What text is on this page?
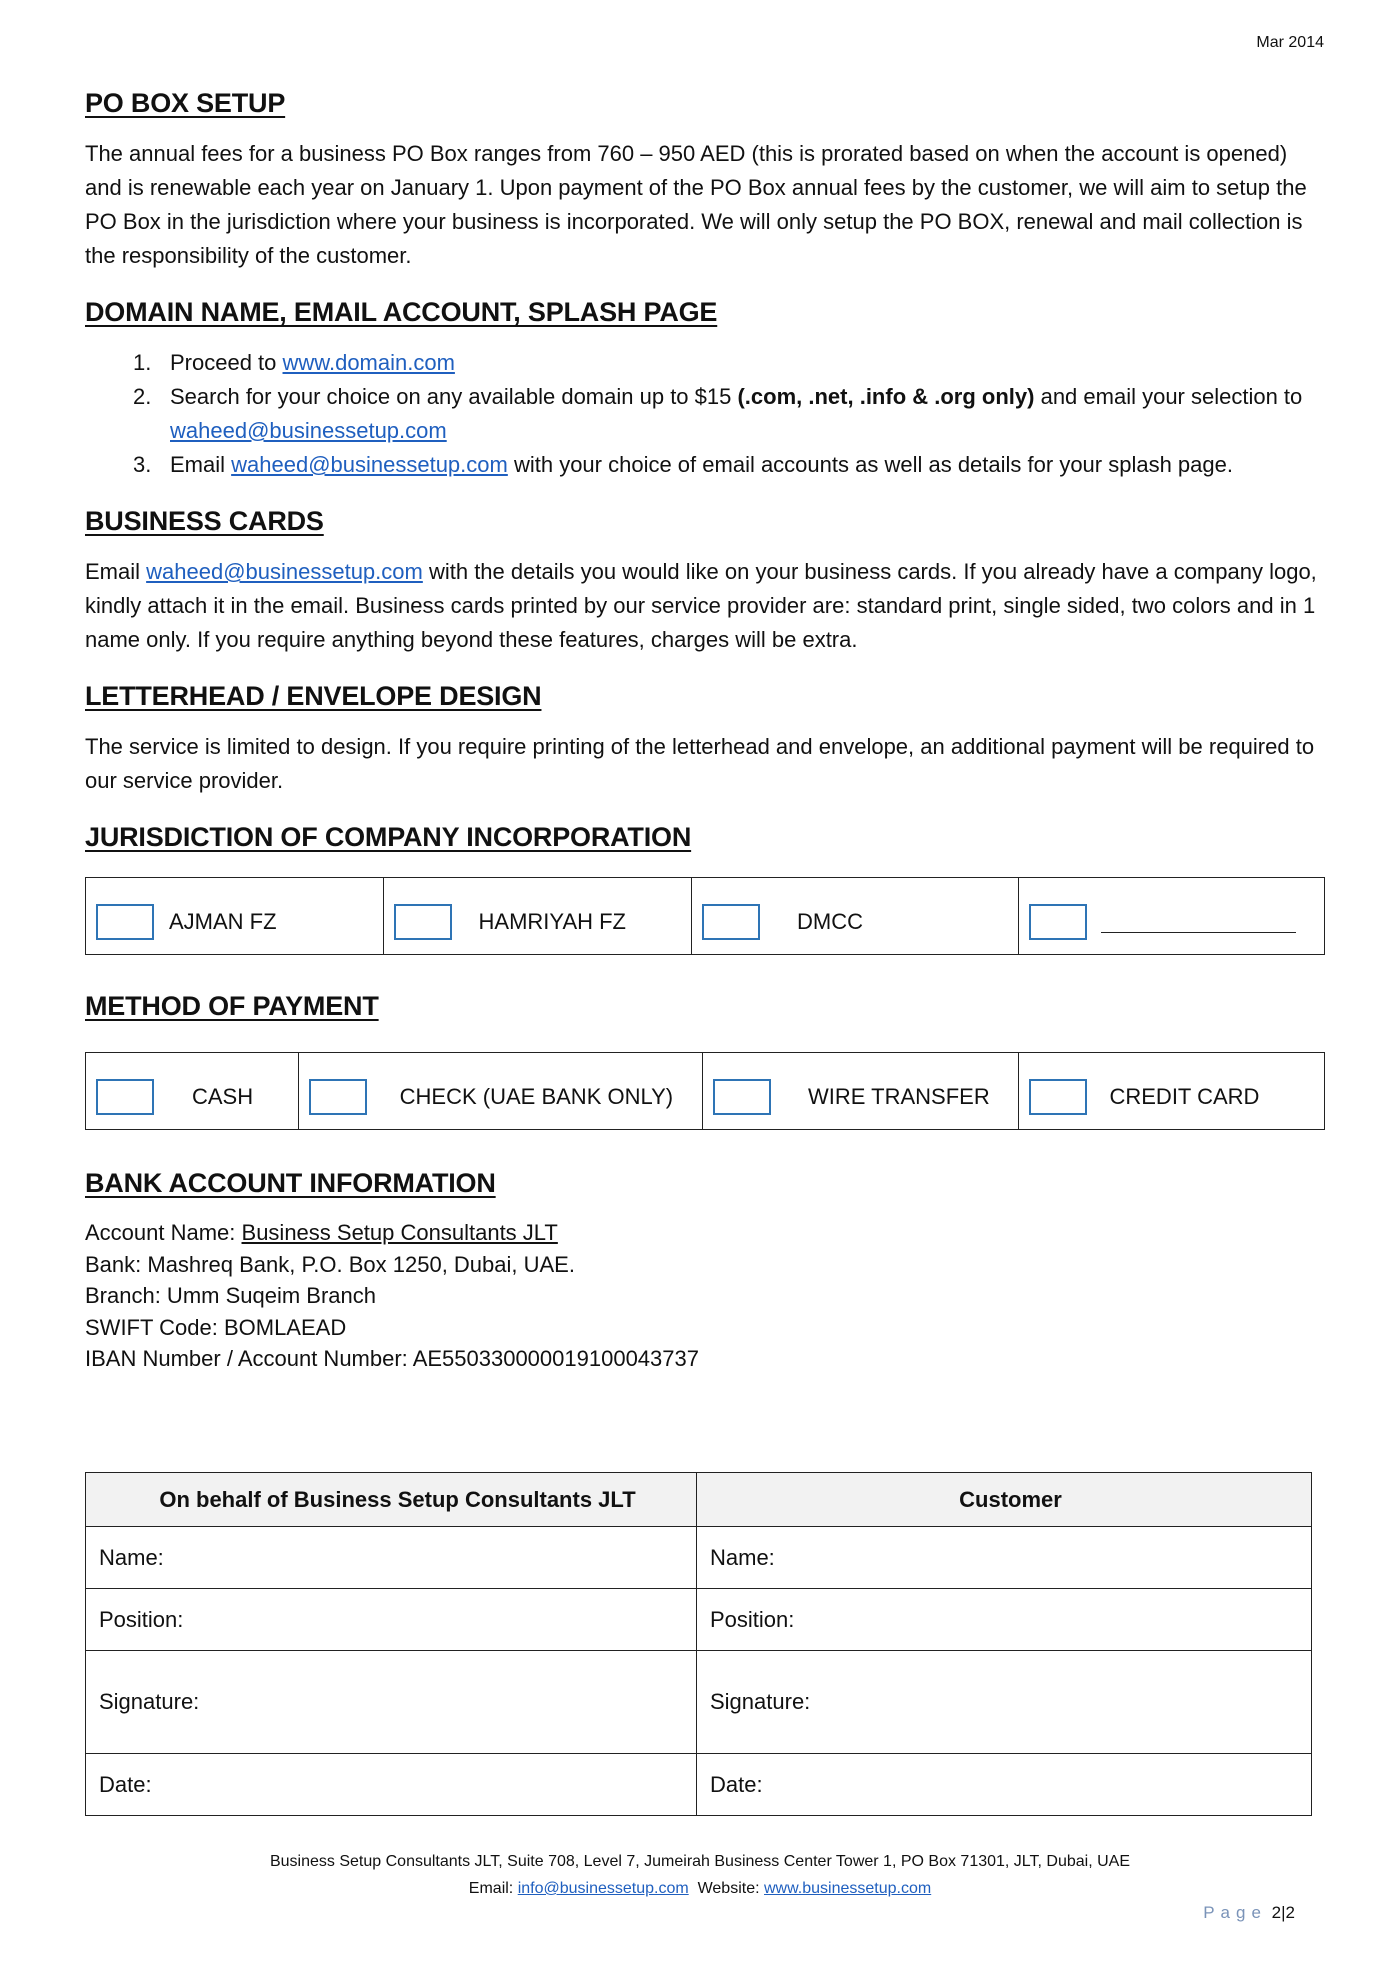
Mar 2014
PO BOX SETUP

The annual fees for a business PO Box ranges from 760 – 950 AED (this is prorated based on when the account is opened) and is renewable each year on January 1. Upon payment of the PO Box annual fees by the customer, we will aim to setup the PO Box in the jurisdiction where your business is incorporated. We will only setup the PO BOX, renewal and mail collection is the responsibility of the customer.

DOMAIN NAME, EMAIL ACCOUNT, SPLASH PAGE
1. Proceed to www.domain.com
2. Search for your choice on any available domain up to $15 (.com, .net, .info & .org only) and email your selection to waheed@businessetup.com
3. Email waheed@businessetup.com with your choice of email accounts as well as details for your splash page.
BUSINESS CARDS

Email waheed@businessetup.com with the details you would like on your business cards. If you already have a company logo, kindly attach it in the email. Business cards printed by our service provider are: standard print, single sided, two colors and in 1 name only. If you require anything beyond these features, charges will be extra.

LETTERHEAD / ENVELOPE DESIGN

The service is limited to design. If you require printing of the letterhead and envelope, an additional payment will be required to our service provider.

JURISDICTION OF COMPANY INCORPORATION
AJMAN FZ	HAMRIYAH FZ	DMCC
METHOD OF PAYMENT
CASH	CHECK (UAE BANK ONLY)	WIRE TRANSFER	CREDIT CARD
BANK ACCOUNT INFORMATION
Account Name: Business Setup Consultants JLT
Bank: Mashreq Bank, P.O. Box 1250, Dubai, UAE.
Branch: Umm Suqeim Branch
SWIFT Code: BOMLAEAD
IBAN Number / Account Number: AE550330000019100043737
On behalf of Business Setup Consultants JLT	Customer
Name:	Name:
Position:	Position:
Signature:	Signature:
Date:	Date:
Business Setup Consultants JLT, Suite 708, Level 7, Jumeirah Business Center Tower 1, PO Box 71301, JLT, Dubai, UAE
Email: info@businessetup.com Website: www.businessetup.com
Page 2|2
